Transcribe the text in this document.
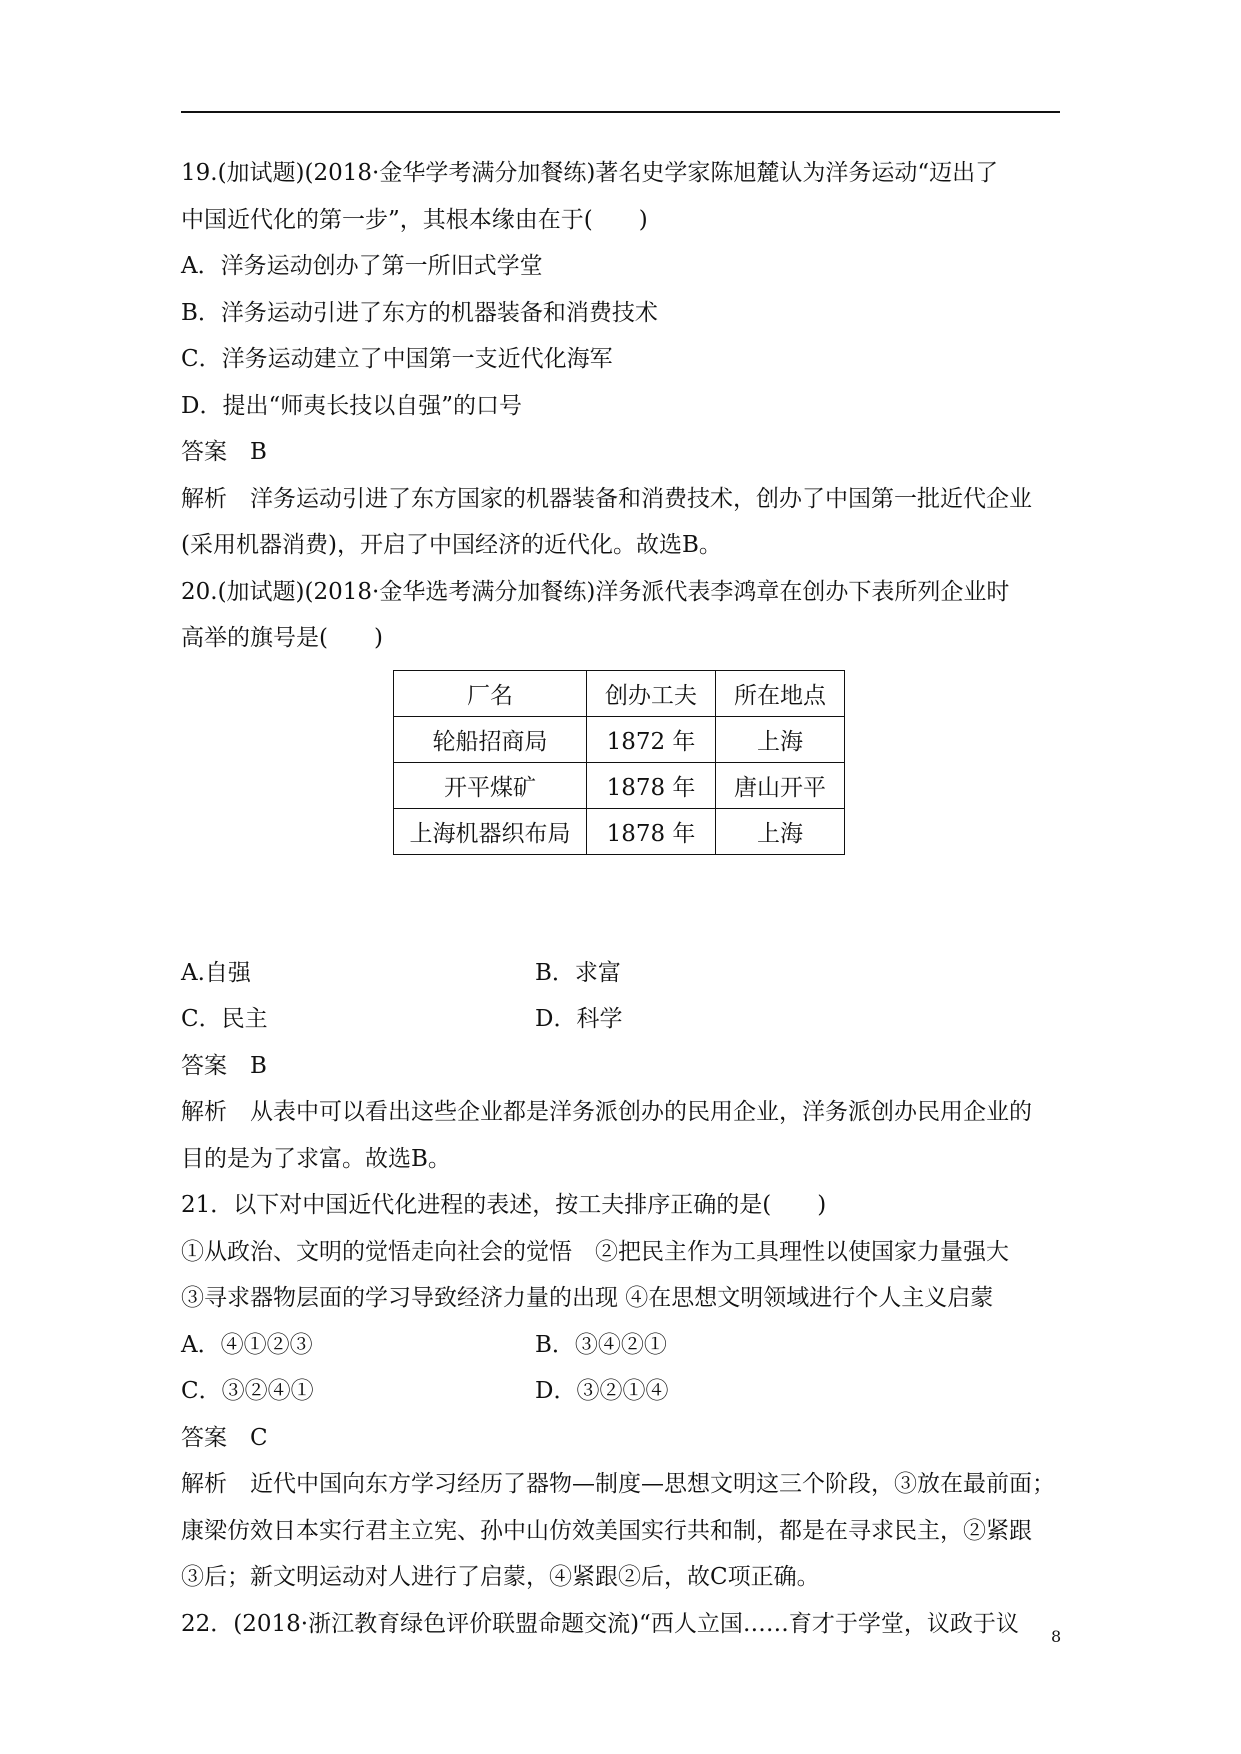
19.(加试题)(2018·金华学考满分加餐练)著名史学家陈旭麓认为洋务运动“迈出了
中国近代化的第一步”，其根本缘由在于(　　)
A．洋务运动创办了第一所旧式学堂
B．洋务运动引进了东方的机器装备和消费技术
C．洋务运动建立了中国第一支近代化海军
D．提出“师夷长技以自强”的口号
答案　B
解析　洋务运动引进了东方国家的机器装备和消费技术，创办了中国第一批近代企业
(采用机器消费)，开启了中国经济的近代化。故选B。
20.(加试题)(2018·金华选考满分加餐练)洋务派代表李鸿章在创办下表所列企业时
高举的旗号是(　　)
厂名	创办工夫	所在地点
轮船招商局	1872 年	上海
开平煤矿	1878 年	唐山开平
上海机器织布局	1878 年	上海
A.自强	B．求富
C．民主	D．科学
答案　B
解析　从表中可以看出这些企业都是洋务派创办的民用企业，洋务派创办民用企业的
目的是为了求富。故选B。
21．以下对中国近代化进程的表述，按工夫排序正确的是(　　)
①从政治、文明的觉悟走向社会的觉悟　②把民主作为工具理性以使国家力量强大
③寻求器物层面的学习导致经济力量的出现 ④在思想文明领域进行个人主义启蒙
A．④①②③	B．③④②①
C．③②④①	D．③②①④
答案　C
解析　近代中国向东方学习经历了器物—制度—思想文明这三个阶段，③放在最前面；
康梁仿效日本实行君主立宪、孙中山仿效美国实行共和制，都是在寻求民主，②紧跟
③后；新文明运动对人进行了启蒙，④紧跟②后，故C项正确。
22．(2018·浙江教育绿色评价联盟命题交流)“西人立国……育才于学堂，议政于议	8
